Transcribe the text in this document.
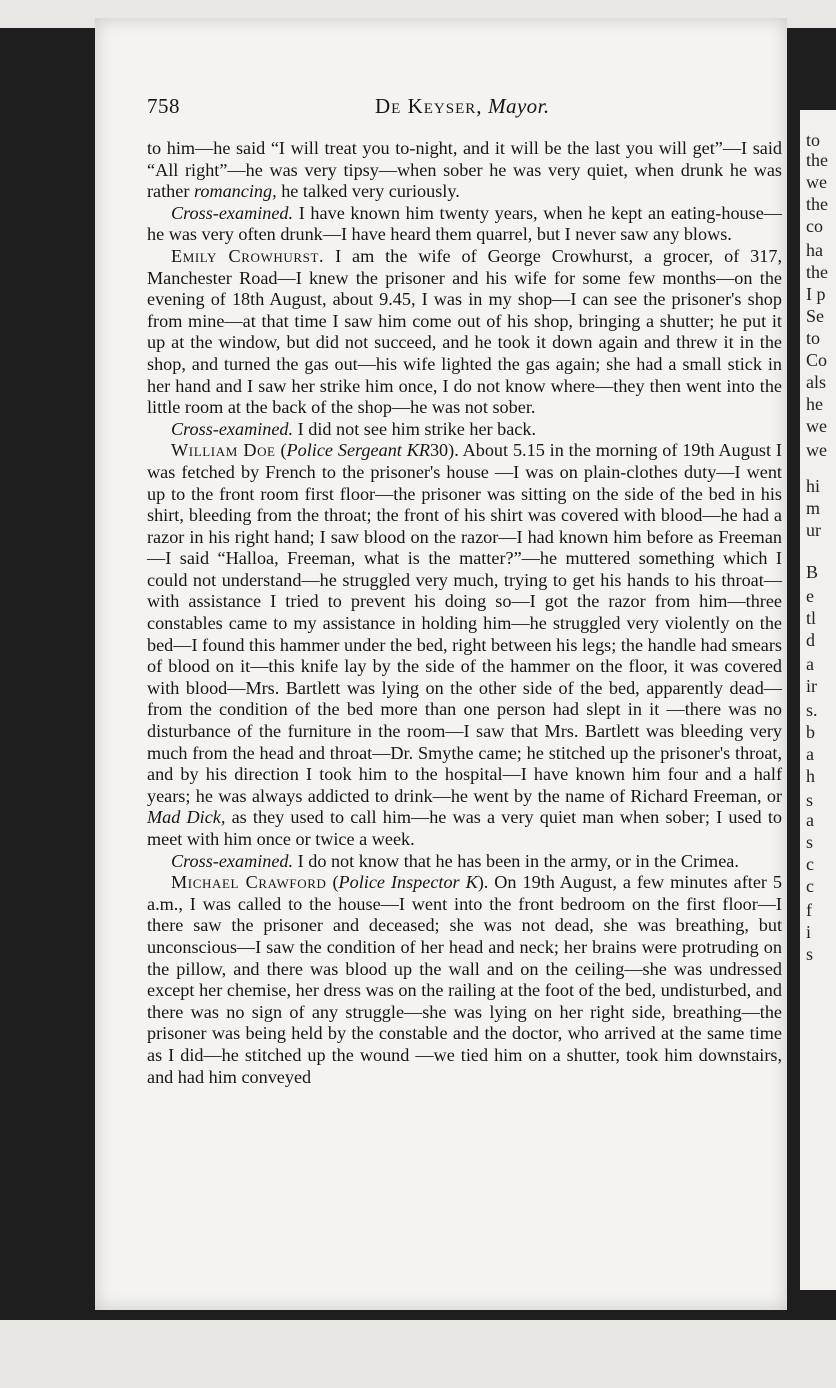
to
the
we
the
co
ha
the
I p
Se
to
Co
als
he
we
we
hi
m
ur
B
e
tl
d
a
ir
s.
b
a
h
s
a
s
c
c
f
i
s
758	De Keyser, Mayor.

to him—he said “I will treat you to-night, and it will be the last you will get”—I said “All right”—he was very tipsy—when sober he was very quiet, when drunk he was rather romancing, he talked very curiously.

Cross-examined. I have known him twenty years, when he kept an eating-house—he was very often drunk—I have heard them quarrel, but I never saw any blows.

Emily Crowhurst. I am the wife of George Crowhurst, a grocer, of 317, Manchester Road—I knew the prisoner and his wife for some few months—on the evening of 18th August, about 9.45, I was in my shop—I can see the prisoner's shop from mine—at that time I saw him come out of his shop, bringing a shutter; he put it up at the window, but did not succeed, and he took it down again and threw it in the shop, and turned the gas out—his wife lighted the gas again; she had a small stick in her hand and I saw her strike him once, I do not know where—they then went into the little room at the back of the shop—he was not sober.

Cross-examined. I did not see him strike her back.

William Doe (Police Sergeant KR30). About 5.15 in the morning of 19th August I was fetched by French to the prisoner's house —I was on plain-clothes duty—I went up to the front room first floor—the prisoner was sitting on the side of the bed in his shirt, bleeding from the throat; the front of his shirt was covered with blood—he had a razor in his right hand; I saw blood on the razor—I had known him before as Freeman—I said “Halloa, Freeman, what is the matter?”—he muttered something which I could not understand—he struggled very much, trying to get his hands to his throat—with assistance I tried to prevent his doing so—I got the razor from him—three constables came to my assistance in holding him—he struggled very violently on the bed—I found this hammer under the bed, right between his legs; the handle had smears of blood on it—this knife lay by the side of the hammer on the floor, it was covered with blood—Mrs. Bartlett was lying on the other side of the bed, apparently dead—from the condition of the bed more than one person had slept in it —there was no disturbance of the furniture in the room—I saw that Mrs. Bartlett was bleeding very much from the head and throat—Dr. Smythe came; he stitched up the prisoner's throat, and by his direction I took him to the hospital—I have known him four and a half years; he was always addicted to drink—he went by the name of Richard Freeman, or Mad Dick, as they used to call him—he was a very quiet man when sober; I used to meet with him once or twice a week.

Cross-examined. I do not know that he has been in the army, or in the Crimea.

Michael Crawford (Police Inspector K). On 19th August, a few minutes after 5 a.m., I was called to the house—I went into the front bedroom on the first floor—I there saw the prisoner and deceased; she was not dead, she was breathing, but unconscious—I saw the condition of her head and neck; her brains were protruding on the pillow, and there was blood up the wall and on the ceiling—she was undressed except her chemise, her dress was on the railing at the foot of the bed, undisturbed, and there was no sign of any struggle—she was lying on her right side, breathing—the prisoner was being held by the constable and the doctor, who arrived at the same time as I did—he stitched up the wound —we tied him on a shutter, took him downstairs, and had him conveyed
